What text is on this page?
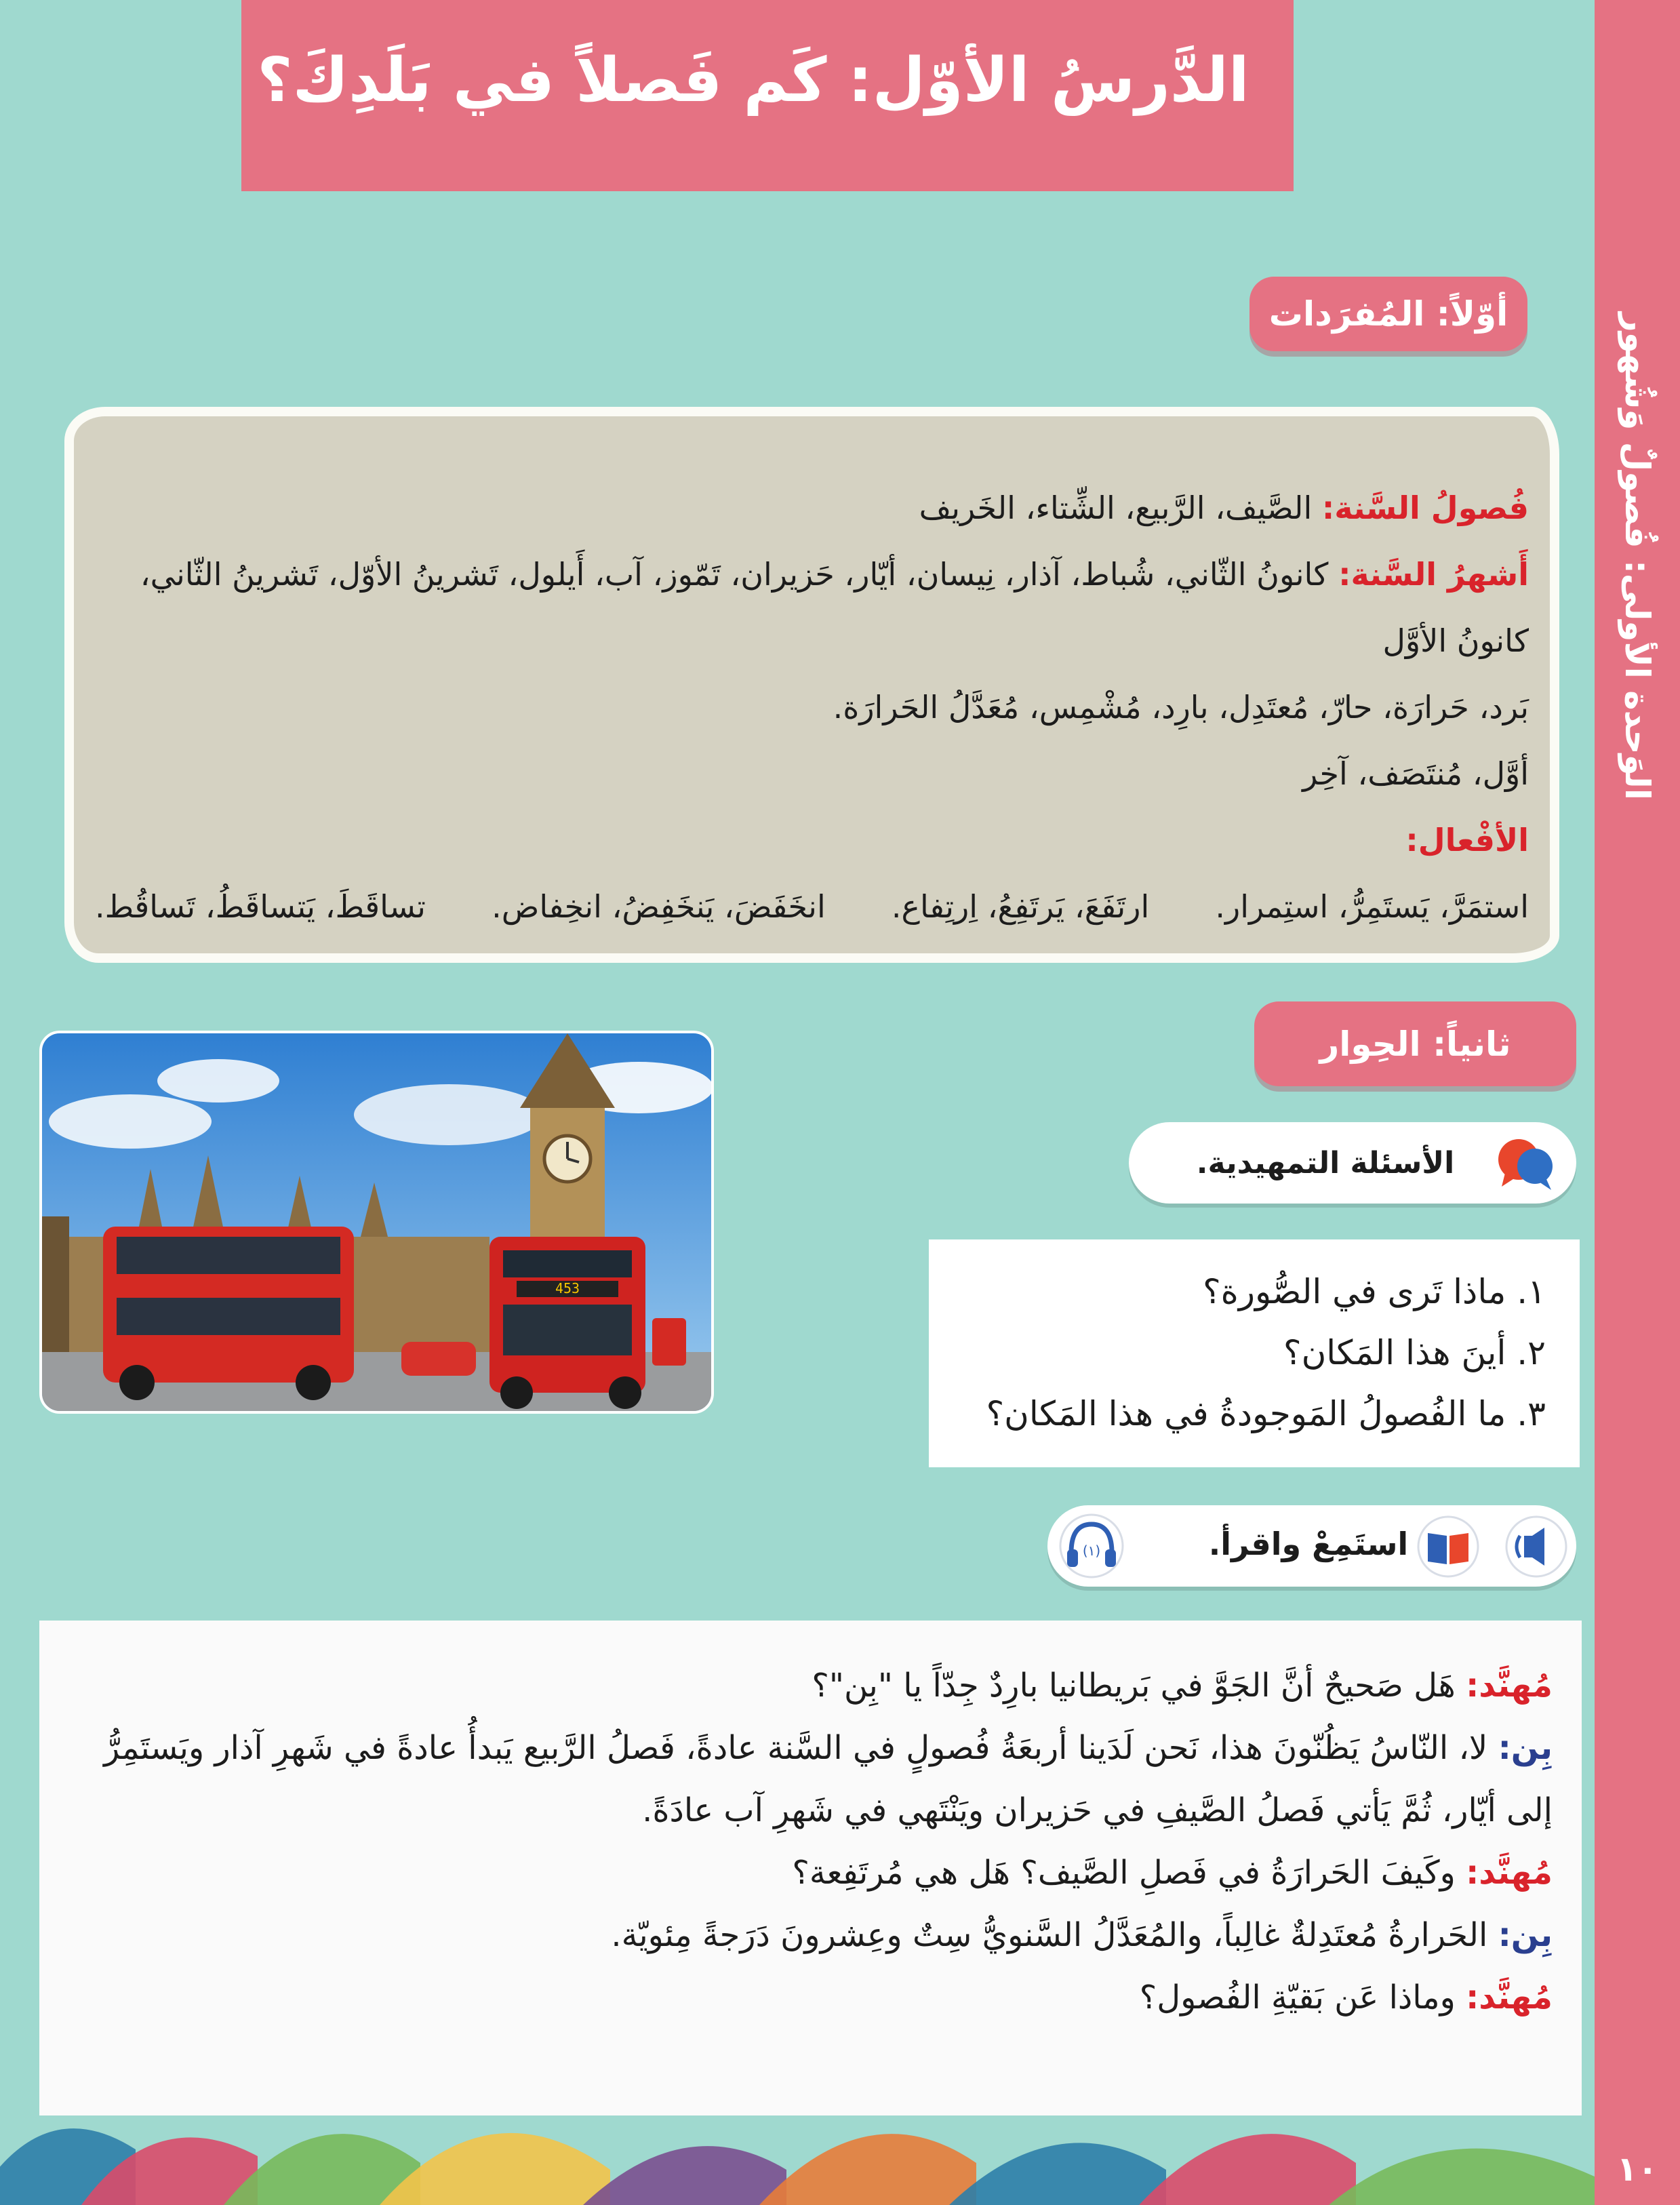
الوَحدة الأولى: فُصولٌ وَشُهور
١٠
الدَّرسُ الأوّل: كَم فَصلاً في بَلَدِكَ؟
أوّلاً: المُفرَدات
فُصولُ السَّنة: الصَّيف، الرَّبيع، الشِّتاء، الخَريف
أَشهرُ السَّنة: كانونُ الثّاني، شُباط، آذار، نِيسان، أيّار، حَزيران، تَمّوز، آب، أَيلول، تَشرينُ الأوّل، تَشرينُ الثّاني،
كانونُ الأوَّل
بَرد، حَرارَة، حارّ، مُعتَدِل، بارِد، مُشْمِس، مُعَدَّلُ الحَرارَة.
أوَّل، مُنتَصَف، آخِر
الأفْعال:
استمَرَّ، يَستَمِرُّ، استِمرار.
ارتَفَعَ، يَرتَفِعُ، اِرتِفاع.
انخَفَضَ، يَنخَفِضُ، انخِفاض.
تساقَطَ، يَتساقَطُ، تَساقُط.
ثانياً: الحِوار
453
الأسئلة التمهيدية.
١. ماذا تَرى في الصُّورة؟
٢. أينَ هذا المَكان؟
٣. ما الفُصولُ المَوجودةُ في هذا المَكان؟
استَمِعْ واقرأ.
(١)
مُهنَّد: هَل صَحيحٌ أنَّ الجَوَّ في بَريطانيا بارِدٌ جِدّاً يا "بِن"؟
بِن: لا، النّاسُ يَظُنّونَ هذا، نَحن لَدَينا أربعَةُ فُصولٍ في السَّنة عادةً، فَصلُ الرَّبيع يَبدأُ عادةً في شَهرِ آذار ويَستَمِرُّ
إلى أيّار، ثُمَّ يَأتي فَصلُ الصَّيفِ في حَزيران ويَنْتَهي في شَهرِ آب عادَةً.
مُهنَّد: وكَيفَ الحَرارَةُ في فَصلِ الصَّيف؟ هَل هي مُرتَفِعة؟
بِن: الحَرارةُ مُعتَدِلةٌ غالِباً، والمُعَدَّلُ السَّنويُّ سِتٌ وعِشرونَ دَرَجةً مِئويّة.
مُهنَّد: وماذا عَن بَقيّةِ الفُصول؟
